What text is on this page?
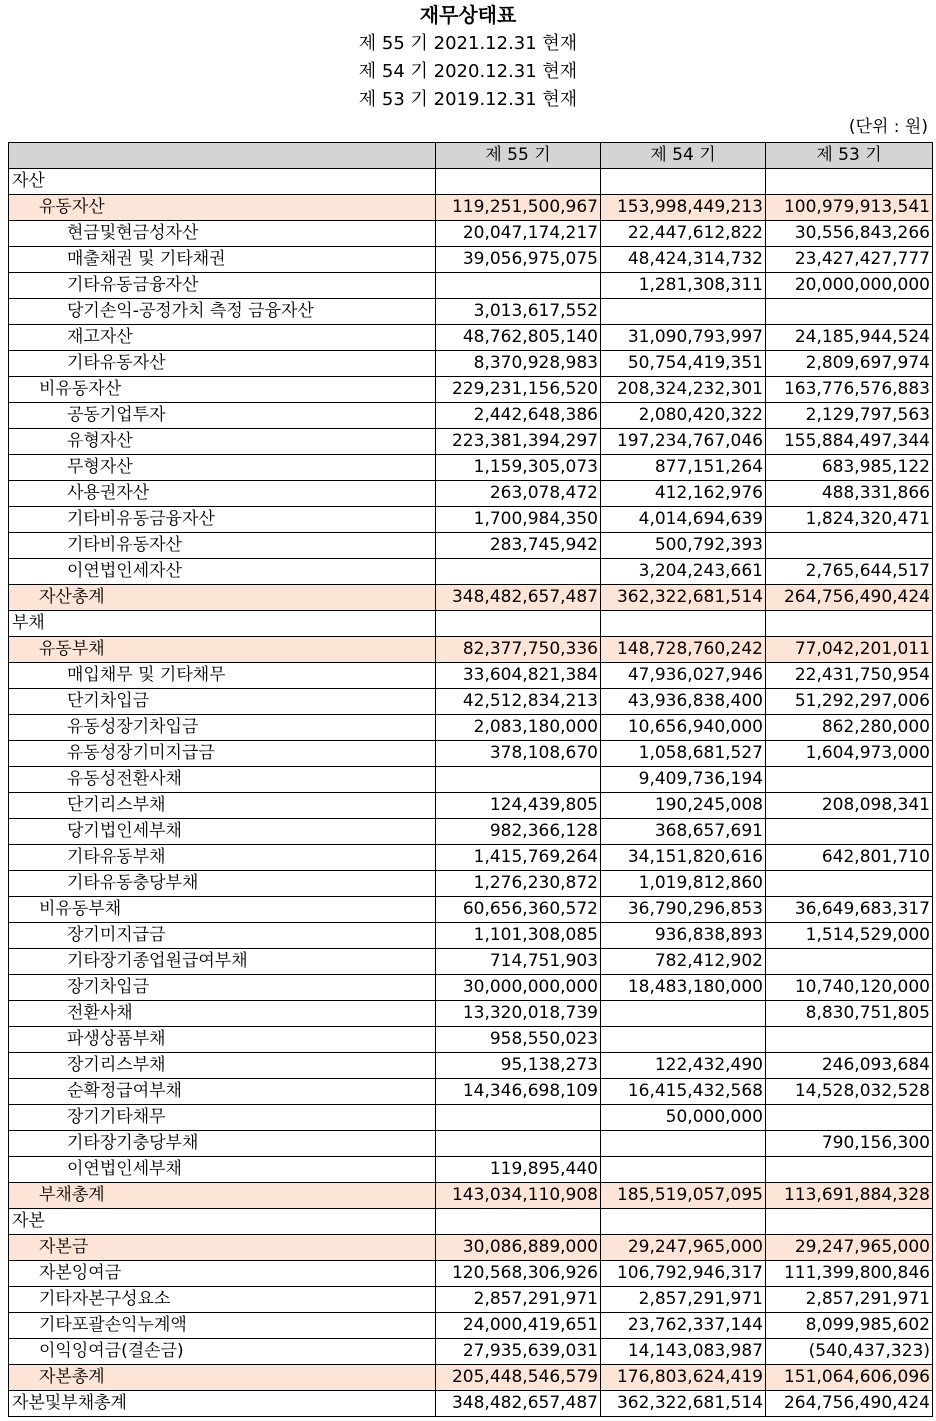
재무상태표
제 55 기 2021.12.31 현재
제 54 기 2020.12.31 현재
제 53 기 2019.12.31 현재
(단위 : 원)
	제 55 기	제 54 기	제 53 기
자산			
유동자산	119,251,500,967	153,998,449,213	100,979,913,541
현금및현금성자산	20,047,174,217	22,447,612,822	30,556,843,266
매출채권 및 기타채권	39,056,975,075	48,424,314,732	23,427,427,777
기타유동금융자산		1,281,308,311	20,000,000,000
당기손익-공정가치 측정 금융자산	3,013,617,552		
재고자산	48,762,805,140	31,090,793,997	24,185,944,524
기타유동자산	8,370,928,983	50,754,419,351	2,809,697,974
비유동자산	229,231,156,520	208,324,232,301	163,776,576,883
공동기업투자	2,442,648,386	2,080,420,322	2,129,797,563
유형자산	223,381,394,297	197,234,767,046	155,884,497,344
무형자산	1,159,305,073	877,151,264	683,985,122
사용권자산	263,078,472	412,162,976	488,331,866
기타비유동금융자산	1,700,984,350	4,014,694,639	1,824,320,471
기타비유동자산	283,745,942	500,792,393	
이연법인세자산		3,204,243,661	2,765,644,517
자산총계	348,482,657,487	362,322,681,514	264,756,490,424
부채			
유동부채	82,377,750,336	148,728,760,242	77,042,201,011
매입채무 및 기타채무	33,604,821,384	47,936,027,946	22,431,750,954
단기차입금	42,512,834,213	43,936,838,400	51,292,297,006
유동성장기차입금	2,083,180,000	10,656,940,000	862,280,000
유동성장기미지급금	378,108,670	1,058,681,527	1,604,973,000
유동성전환사채		9,409,736,194	
단기리스부채	124,439,805	190,245,008	208,098,341
당기법인세부채	982,366,128	368,657,691	
기타유동부채	1,415,769,264	34,151,820,616	642,801,710
기타유동충당부채	1,276,230,872	1,019,812,860	
비유동부채	60,656,360,572	36,790,296,853	36,649,683,317
장기미지급금	1,101,308,085	936,838,893	1,514,529,000
기타장기종업원급여부채	714,751,903	782,412,902	
장기차입금	30,000,000,000	18,483,180,000	10,740,120,000
전환사채	13,320,018,739		8,830,751,805
파생상품부채	958,550,023		
장기리스부채	95,138,273	122,432,490	246,093,684
순확정급여부채	14,346,698,109	16,415,432,568	14,528,032,528
장기기타채무		50,000,000	
기타장기충당부채			790,156,300
이연법인세부채	119,895,440		
부채총계	143,034,110,908	185,519,057,095	113,691,884,328
자본			
자본금	30,086,889,000	29,247,965,000	29,247,965,000
자본잉여금	120,568,306,926	106,792,946,317	111,399,800,846
기타자본구성요소	2,857,291,971	2,857,291,971	2,857,291,971
기타포괄손익누계액	24,000,419,651	23,762,337,144	8,099,985,602
이익잉여금(결손금)	27,935,639,031	14,143,083,987	(540,437,323)
자본총계	205,448,546,579	176,803,624,419	151,064,606,096
자본및부채총계	348,482,657,487	362,322,681,514	264,756,490,424
